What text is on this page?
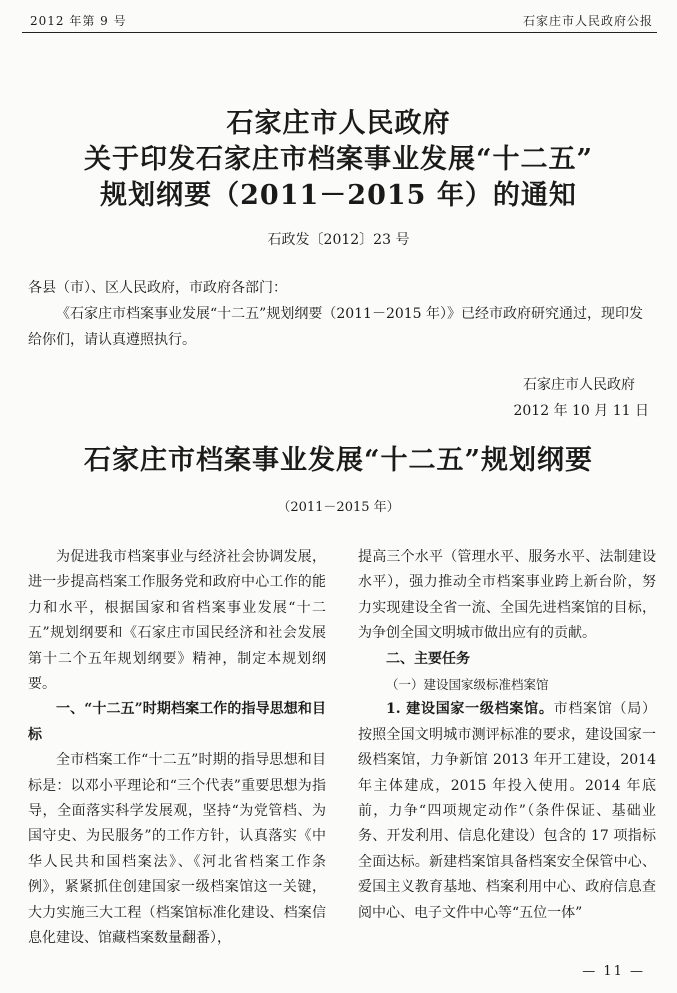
2012 年第 9 号	石家庄市人民政府公报
石家庄市人民政府
关于印发石家庄市档案事业发展“十二五”
规划纲要（2011－2015 年）的通知
石政发〔2012〕23 号
各县（市）、区人民政府，市政府各部门：
《石家庄市档案事业发展“十二五”规划纲要（2011－2015 年）》已经市政府研究通过，现印发给你们，请认真遵照执行。
石家庄市人民政府
2012 年 10 月 11 日
石家庄市档案事业发展“十二五”规划纲要
（2011－2015 年）

为促进我市档案事业与经济社会协调发展，进一步提高档案工作服务党和政府中心工作的能力和水平，根据国家和省档案事业发展“十二五”规划纲要和《石家庄市国民经济和社会发展第十二个五年规划纲要》精神，制定本规划纲要。

一、“十二五”时期档案工作的指导思想和目标

全市档案工作“十二五”时期的指导思想和目标是：以邓小平理论和“三个代表”重要思想为指导，全面落实科学发展观，坚持“为党管档、为国守史、为民服务”的工作方针，认真落实《中华人民共和国档案法》、《河北省档案工作条例》，紧紧抓住创建国家一级档案馆这一关键，大力实施三大工程（档案馆标准化建设、档案信息化建设、馆藏档案数量翻番），

提高三个水平（管理水平、服务水平、法制建设水平），强力推动全市档案事业跨上新台阶，努力实现建设全省一流、全国先进档案馆的目标，为争创全国文明城市做出应有的贡献。

二、主要任务

（一）建设国家级标准档案馆

1. 建设国家一级档案馆。市档案馆（局）按照全国文明城市测评标准的要求，建设国家一级档案馆，力争新馆 2013 年开工建设，2014 年主体建成，2015 年投入使用。2014 年底前，力争“四项规定动作”（条件保证、基础业务、开发利用、信息化建设）包含的 17 项指标全面达标。新建档案馆具备档案安全保管中心、爱国主义教育基地、档案利用中心、政府信息查阅中心、电子文件中心等“五位一体”

— 11 —
